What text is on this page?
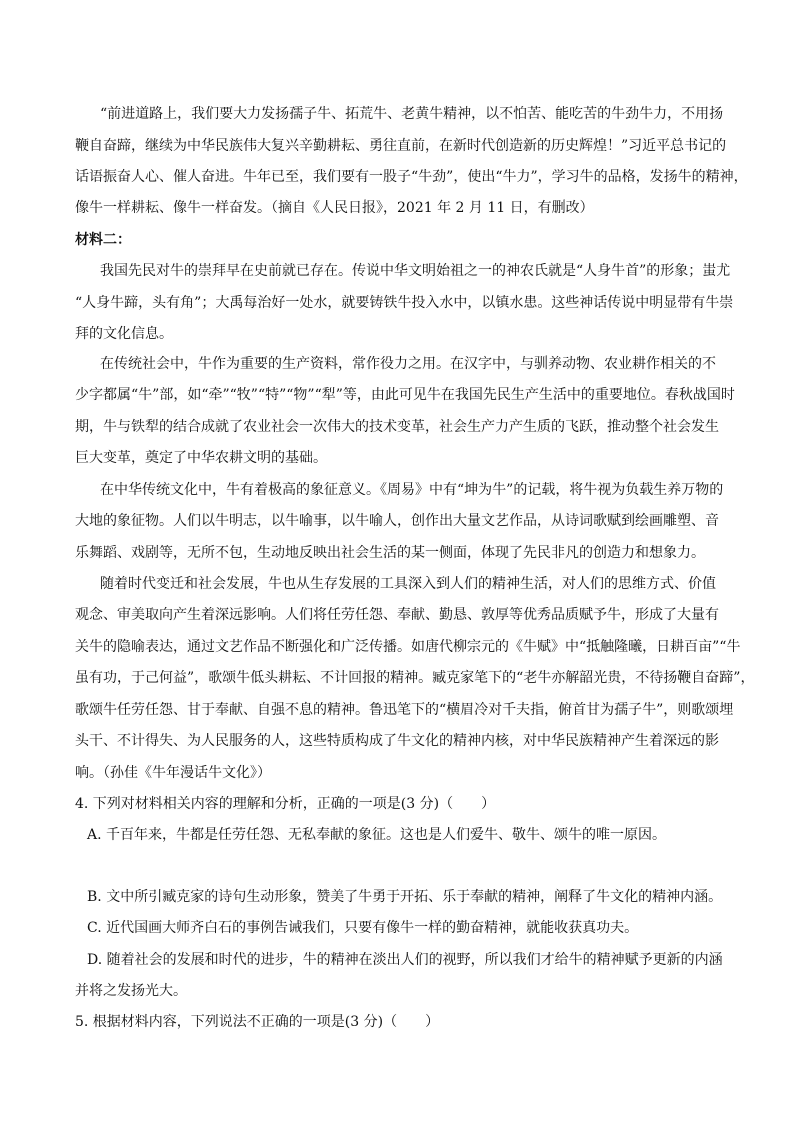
“前进道路上，我们要大力发扬孺子牛、拓荒牛、老黄牛精神，以不怕苦、能吃苦的牛劲牛力，不用扬
鞭自奋蹄，继续为中华民族伟大复兴辛勤耕耘、勇往直前，在新时代创造新的历史辉煌！”习近平总书记的
话语振奋人心、催人奋进。牛年已至，我们要有一股子“牛劲”，使出“牛力”，学习牛的品格，发扬牛的精神，
像牛一样耕耘、像牛一样奋发。（摘自《人民日报》，2021 年 2 月 11 日，有删改）
材料二：
我国先民对牛的崇拜早在史前就已存在。传说中华文明始祖之一的神农氏就是“人身牛首”的形象；蚩尤
“人身牛蹄，头有角”；大禹每治好一处水，就要铸铁牛投入水中，以镇水患。这些神话传说中明显带有牛崇
拜的文化信息。
在传统社会中，牛作为重要的生产资料，常作役力之用。在汉字中，与驯养动物、农业耕作相关的不
少字都属“牛”部，如“牵”“牧”“特”“物”“犁”等，由此可见牛在我国先民生产生活中的重要地位。春秋战国时
期，牛与铁犁的结合成就了农业社会一次伟大的技术变革，社会生产力产生质的飞跃，推动整个社会发生
巨大变革，奠定了中华农耕文明的基础。
在中华传统文化中，牛有着极高的象征意义。《周易》中有“坤为牛”的记载，将牛视为负载生养万物的
大地的象征物。人们以牛明志，以牛喻事，以牛喻人，创作出大量文艺作品，从诗词歌赋到绘画雕塑、音
乐舞蹈、戏剧等，无所不包，生动地反映出社会生活的某一侧面，体现了先民非凡的创造力和想象力。
随着时代变迁和社会发展，牛也从生存发展的工具深入到人们的精神生活，对人们的思维方式、价值
观念、审美取向产生着深远影响。人们将任劳任怨、奉献、勤恳、敦厚等优秀品质赋予牛，形成了大量有
关牛的隐喻表达，通过文艺作品不断强化和广泛传播。如唐代柳宗元的《牛赋》中“抵触隆曦，日耕百亩”“牛
虽有功，于己何益”，歌颂牛低头耕耘、不计回报的精神。臧克家笔下的“老牛亦解韶光贵，不待扬鞭自奋蹄”，
歌颂牛任劳任怨、甘于奉献、自强不息的精神。鲁迅笔下的“横眉冷对千夫指，俯首甘为孺子牛”，则歌颂埋
头干、不计得失、为人民服务的人，这些特质构成了牛文化的精神内核，对中华民族精神产生着深远的影
响。（孙佳《牛年漫话牛文化》）
4. 下列对材料相关内容的理解和分析，正确的一项是(3 分)（　　）
A. 千百年来，牛都是任劳任怨、无私奉献的象征。这也是人们爱牛、敬牛、颂牛的唯一原因。
B. 文中所引臧克家的诗句生动形象，赞美了牛勇于开拓、乐于奉献的精神，阐释了牛文化的精神内涵。
C. 近代国画大师齐白石的事例告诫我们，只要有像牛一样的勤奋精神，就能收获真功夫。
D. 随着社会的发展和时代的进步，牛的精神在淡出人们的视野，所以我们才给牛的精神赋予更新的内涵
并将之发扬光大。
5. 根据材料内容，下列说法不正确的一项是(3 分)（　　）
